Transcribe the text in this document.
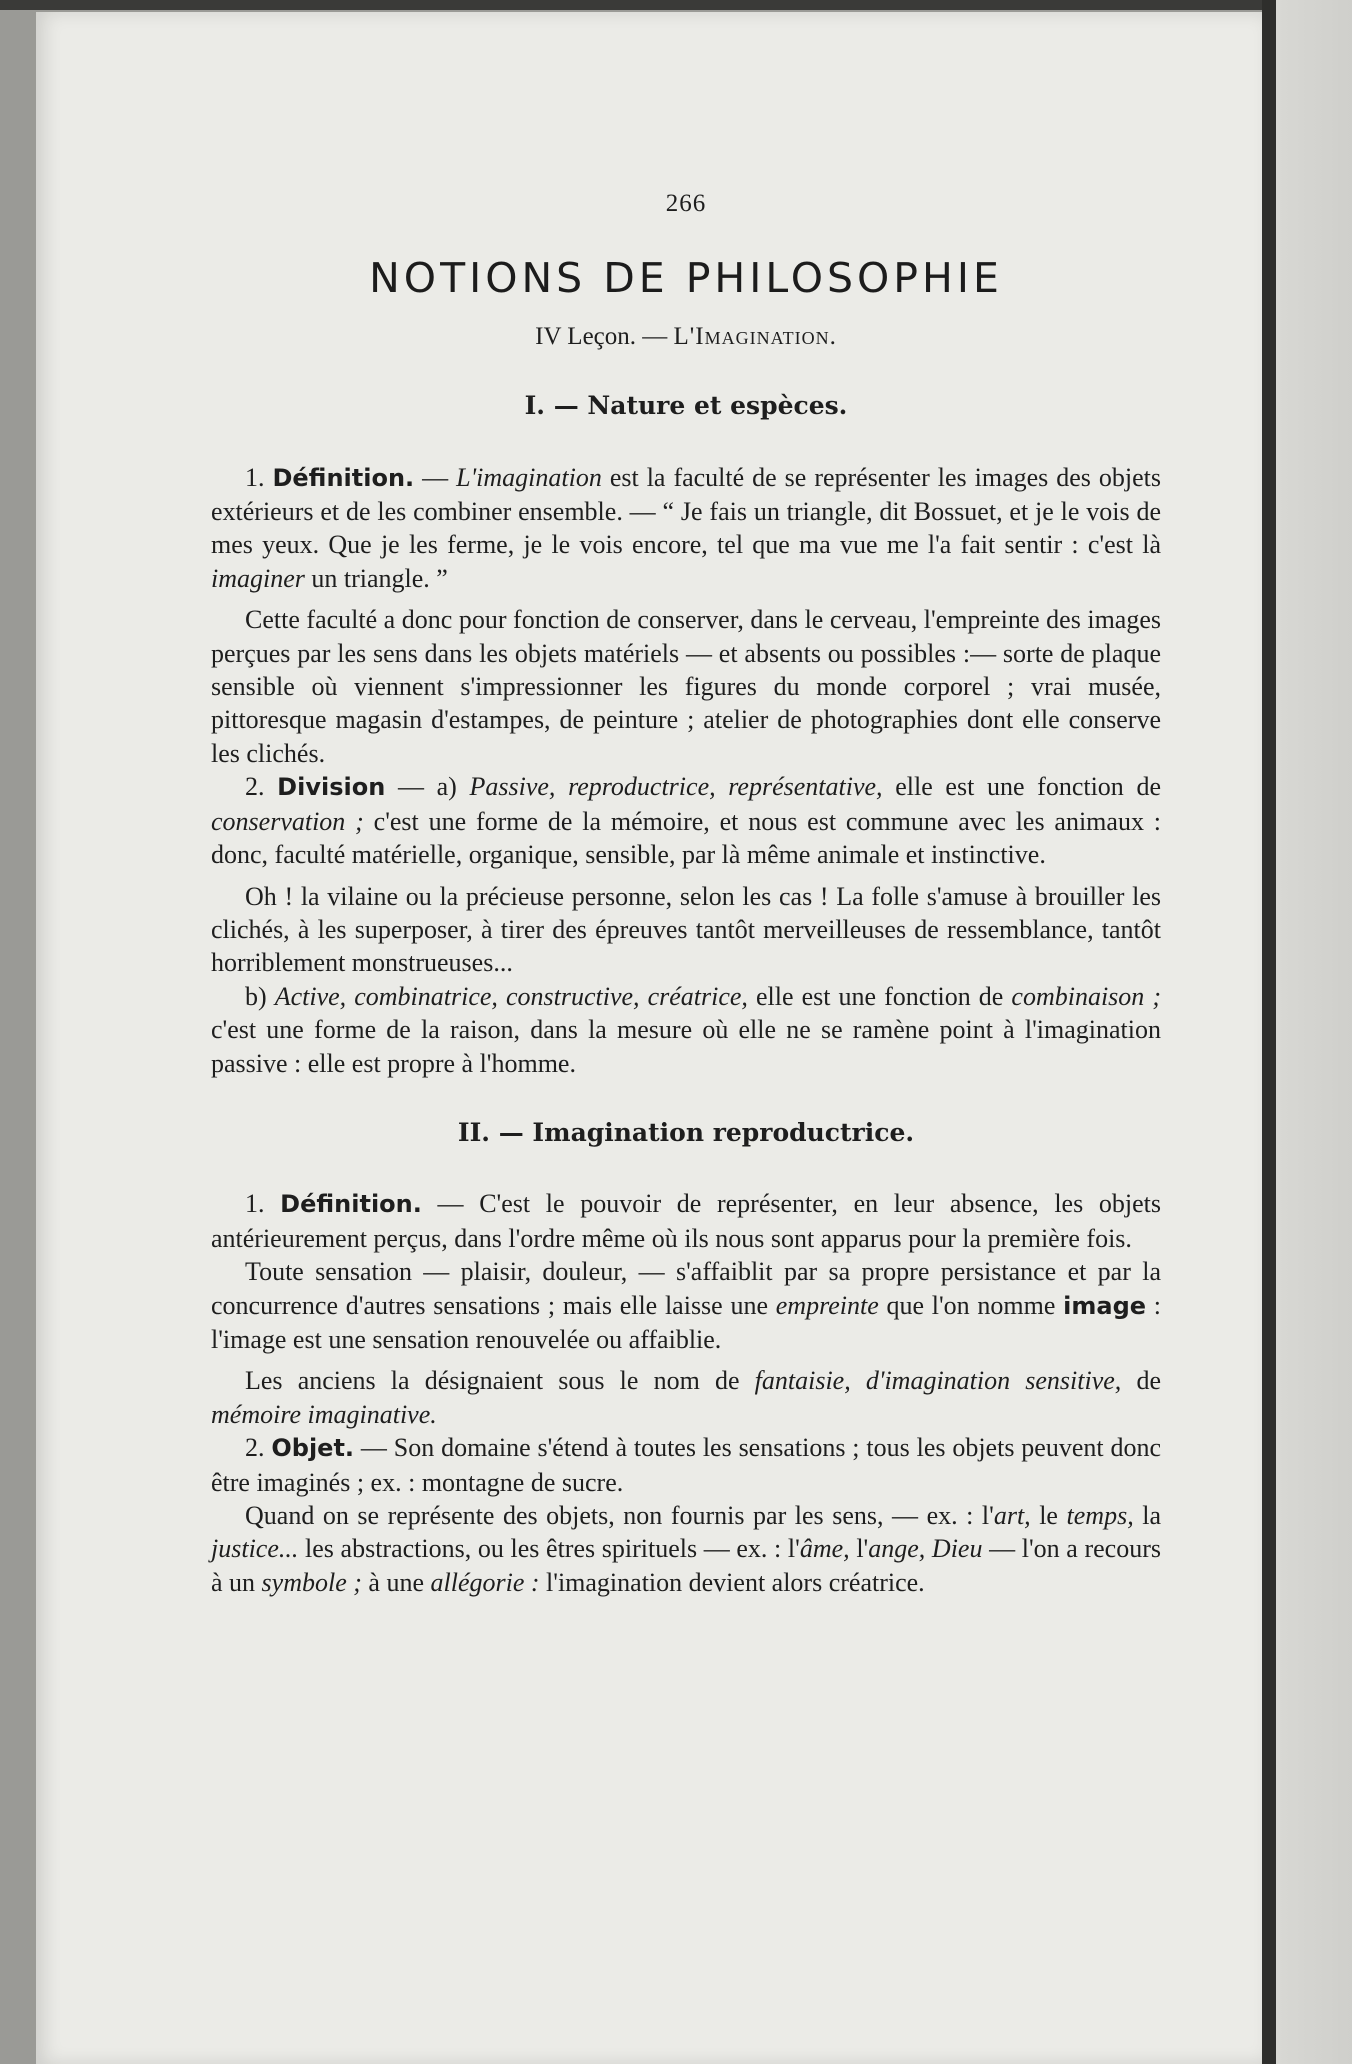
266
NOTIONS DE PHILOSOPHIE
IV Leçon. — L'Imagination.
I. — Nature et espèces.

1. Définition. — L'imagination est la faculté de se représenter les images des objets extérieurs et de les combiner ensemble. — “ Je fais un triangle, dit Bossuet, et je le vois de mes yeux. Que je les ferme, je le vois encore, tel que ma vue me l'a fait sentir : c'est là imaginer un triangle. ”

Cette faculté a donc pour fonction de conserver, dans le cerveau, l'empreinte des images perçues par les sens dans les objets matériels — et absents ou possibles :— sorte de plaque sensible où viennent s'impressionner les figures du monde corporel ; vrai musée, pittoresque magasin d'estampes, de peinture ; atelier de photographies dont elle conserve les clichés.

2. Division — a) Passive, reproductrice, représentative, elle est une fonction de conservation ; c'est une forme de la mémoire, et nous est commune avec les animaux : donc, faculté matérielle, organique, sensible, par là même animale et instinctive.

Oh ! la vilaine ou la précieuse personne, selon les cas ! La folle s'amuse à brouiller les clichés, à les superposer, à tirer des épreuves tantôt merveilleuses de ressemblance, tantôt horriblement monstrueuses...

b) Active, combinatrice, constructive, créatrice, elle est une fonction de combinaison ; c'est une forme de la raison, dans la mesure où elle ne se ramène point à l'imagination passive : elle est propre à l'homme.

II. — Imagination reproductrice.

1. Définition. — C'est le pouvoir de représenter, en leur absence, les objets antérieurement perçus, dans l'ordre même où ils nous sont apparus pour la première fois.

Toute sensation — plaisir, douleur, — s'affaiblit par sa propre persistance et par la concurrence d'autres sensations ; mais elle laisse une empreinte que l'on nomme image : l'image est une sensation renouvelée ou affaiblie.

Les anciens la désignaient sous le nom de fantaisie, d'imagination sensitive, de mémoire imaginative.

2. Objet. — Son domaine s'étend à toutes les sensations ; tous les objets peuvent donc être imaginés ; ex. : montagne de sucre.

Quand on se représente des objets, non fournis par les sens, — ex. : l'art, le temps, la justice... les abstractions, ou les êtres spirituels — ex. : l'âme, l'ange, Dieu — l'on a recours à un symbole ; à une allégorie : l'imagination devient alors créatrice.
